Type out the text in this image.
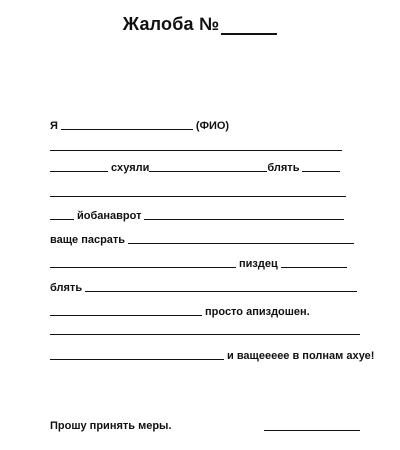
Жалоба №
Я	(ФИО)
схуяли	блять
йобанаврот
ваще пасрать
пиздец
блять
просто апиздошен.
и ващеееее в полнам ахуе!
Прошу принять меры.
